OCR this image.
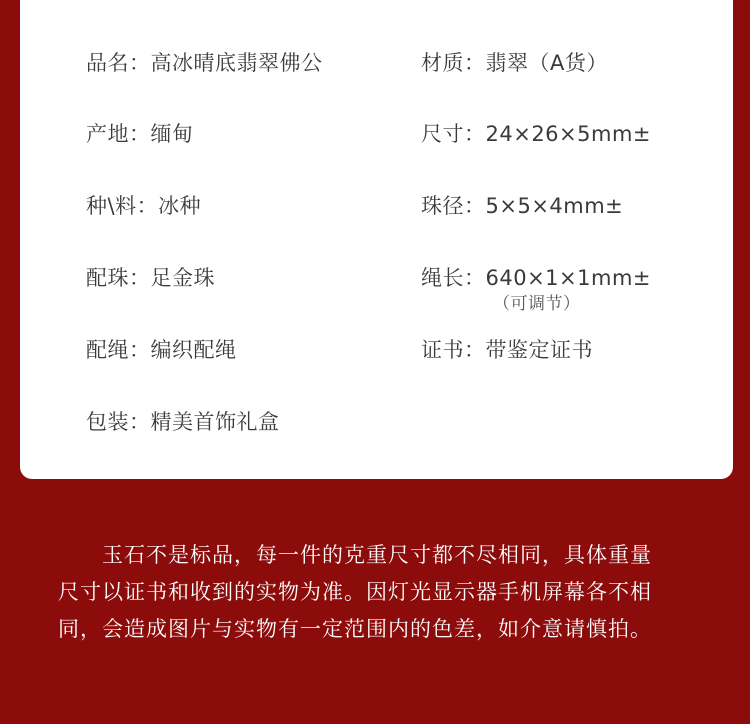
品名：高冰晴底翡翠佛公	材质：翡翠（A货）
产地：缅甸	尺寸：24×26×5mm±
种\料：冰种	珠径：5×5×4mm±
配珠：足金珠	绳长：640×1×1mm±
（可调节）
配绳：编织配绳	证书：带鉴定证书
包装：精美首饰礼盒

玉石不是标品，每一件的克重尺寸都不尽相同，具体重量

尺寸以证书和收到的实物为准。因灯光显示器手机屏幕各不相

同，会造成图片与实物有一定范围内的色差，如介意请慎拍。
